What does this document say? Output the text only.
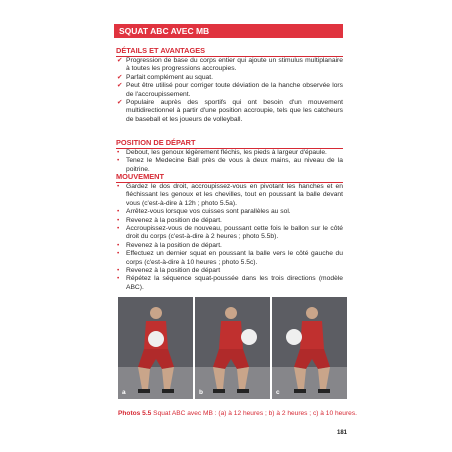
SQUAT ABC AVEC MB
DÉTAILS ET AVANTAGES
✔ Progression de base du corps entier qui ajoute un stimulus multiplanaire à toutes les progressions accroupies.
✔ Parfait complément au squat.
✔ Peut être utilisé pour corriger toute déviation de la hanche observée lors de l'accroupissement.
✔ Populaire auprès des sportifs qui ont besoin d'un mouvement multidirectionnel à partir d'une position accroupie, tels que les catcheurs de baseball et les joueurs de volleyball.
POSITION DE DÉPART
• Debout, les genoux légèrement fléchis, les pieds à largeur d'épaule.
• Tenez le Medecine Ball près de vous à deux mains, au niveau de la poitrine.
MOUVEMENT
• Gardez le dos droit, accroupissez-vous en pivotant les hanches et en fléchissant les genoux et les chevilles, tout en poussant la balle devant vous (c'est-à-dire à 12h ; photo 5.5a).
• Arrêtez-vous lorsque vos cuisses sont parallèles au sol.
• Revenez à la position de départ.
• Accroupissez-vous de nouveau, poussant cette fois le ballon sur le côté droit du corps (c'est-à-dire à 2 heures ; photo 5.5b).
• Revenez à la position de départ.
• Effectuez un dernier squat en poussant la balle vers le côté gauche du corps (c'est-à-dire à 10 heures ; photo 5.5c).
• Revenez à la position de départ
• Répétez la séquence squat-poussée dans les trois directions (modèle ABC).
a	b	c
Photos 5.5 Squat ABC avec MB : (a) à 12 heures ; b) à 2 heures ; c) à 10 heures.
181
